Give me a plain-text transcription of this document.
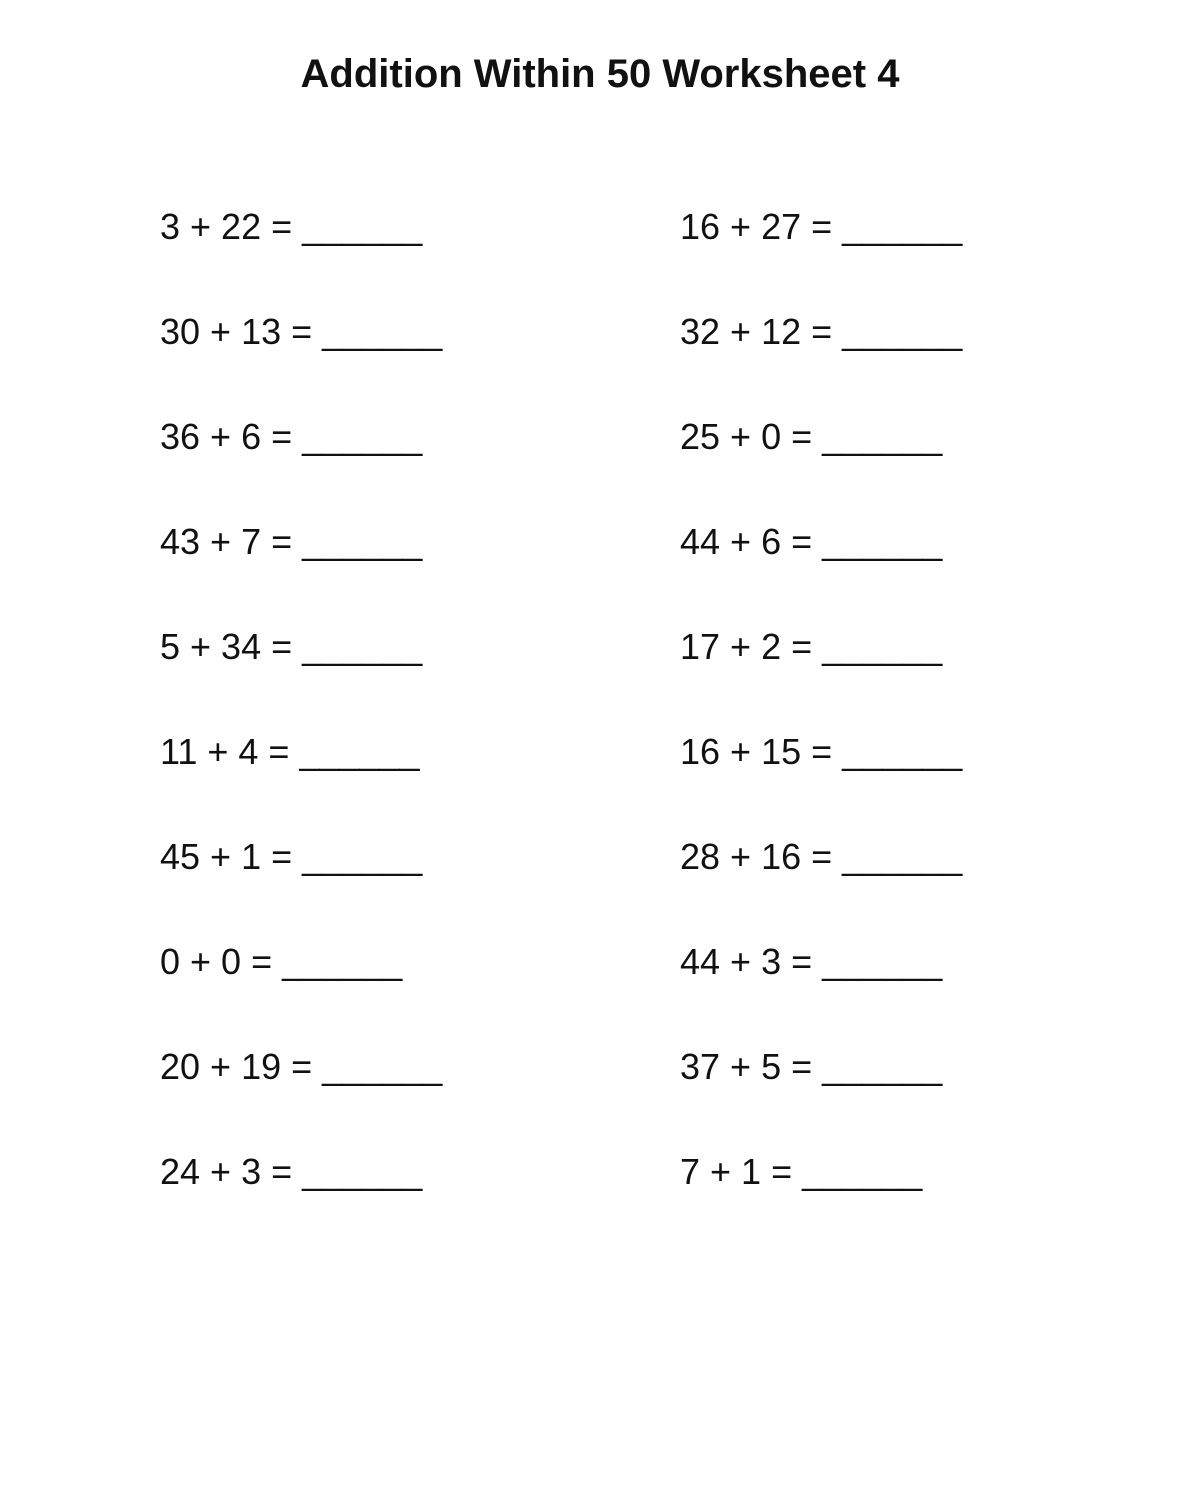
Addition Within 50 Worksheet 4
3 + 22 = ______	16 + 27 = ______
30 + 13 = ______	32 + 12 = ______
36 + 6 = ______	25 + 0 = ______
43 + 7 = ______	44 + 6 = ______
5 + 34 = ______	17 + 2 = ______
11 + 4 = ______	16 + 15 = ______
45 + 1 = ______	28 + 16 = ______
0 + 0 = ______	44 + 3 = ______
20 + 19 = ______	37 + 5 = ______
24 + 3 = ______	7 + 1 = ______
